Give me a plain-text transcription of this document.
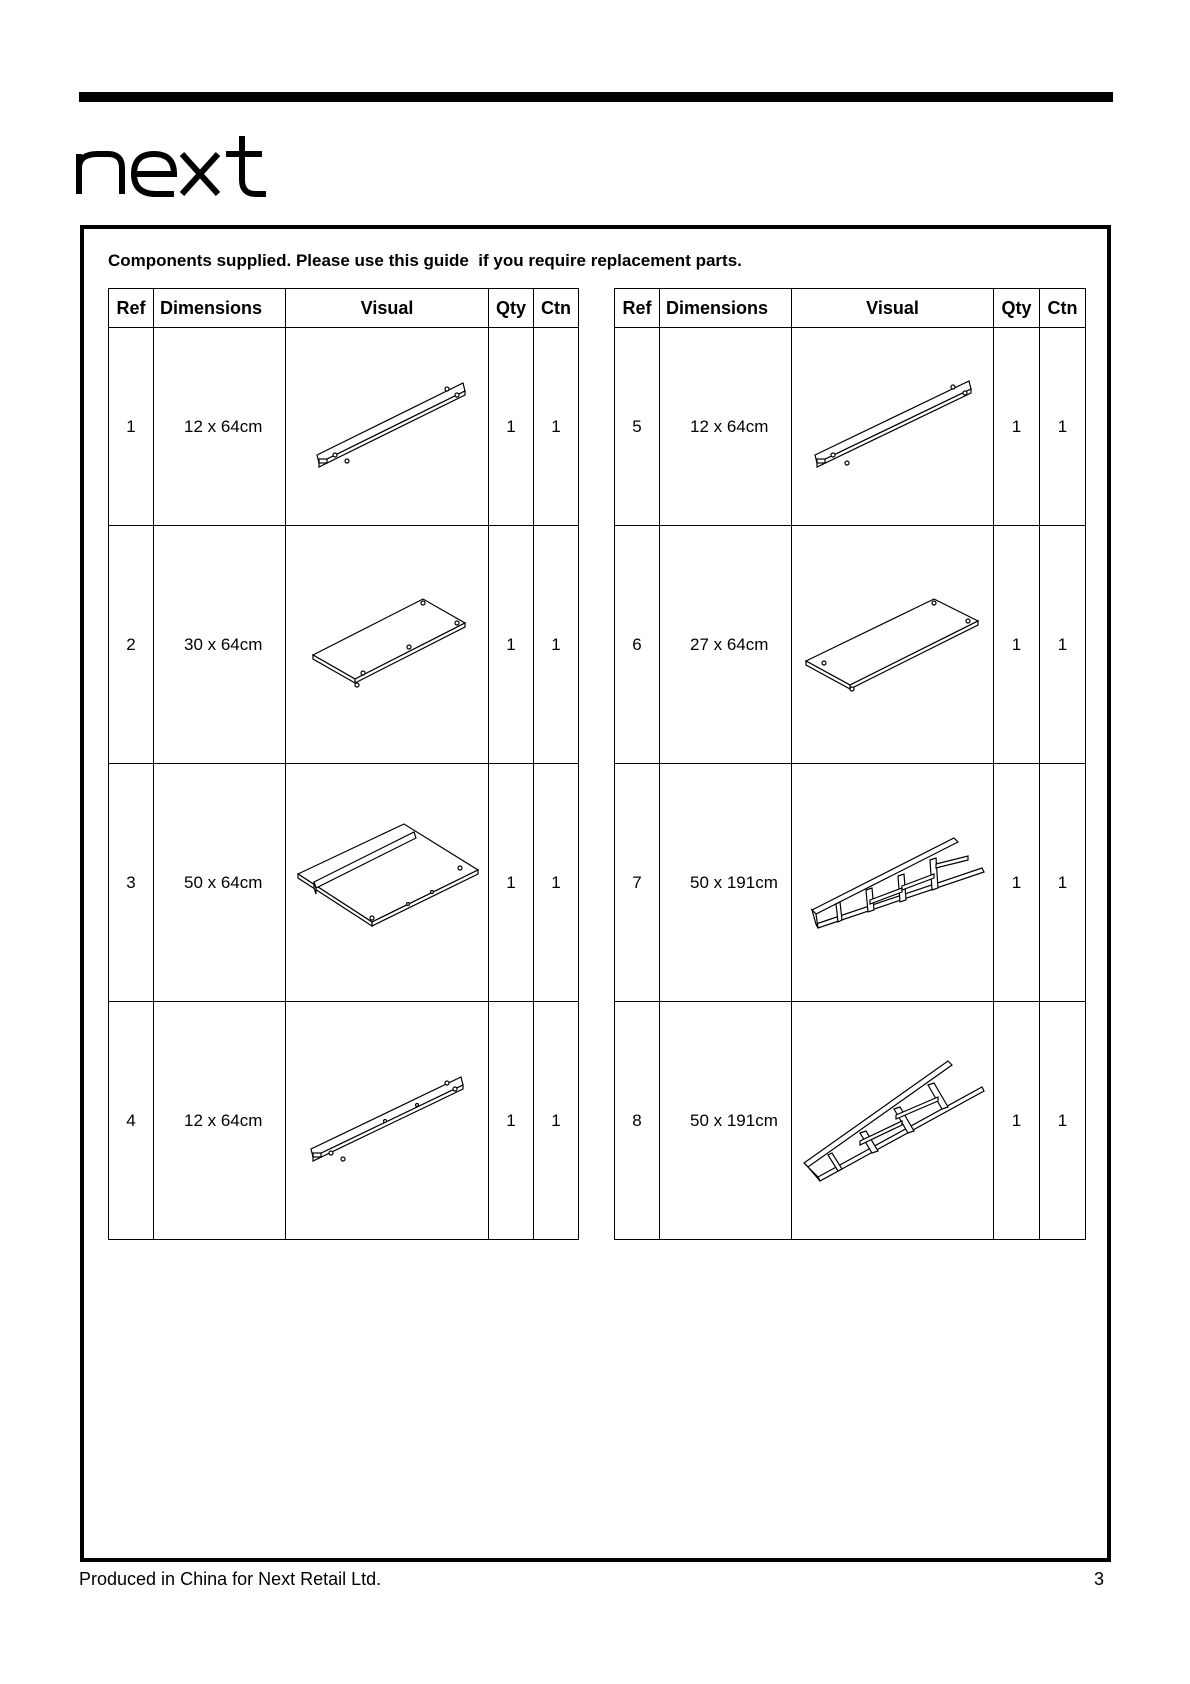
Components supplied. Please use this guide  if you require replacement parts.
Ref	Dimensions	Visual	Qty	Ctn
1	12 x 64cm		1	1
2	30 x 64cm		1	1
3	50 x 64cm		1	1
4	12 x 64cm		1	1
Ref	Dimensions	Visual	Qty	Ctn
5	12 x 64cm		1	1
6	27 x 64cm		1	1
7	50 x 191cm		1	1
8	50 x 191cm		1	1
Produced in China for Next Retail Ltd.	3
